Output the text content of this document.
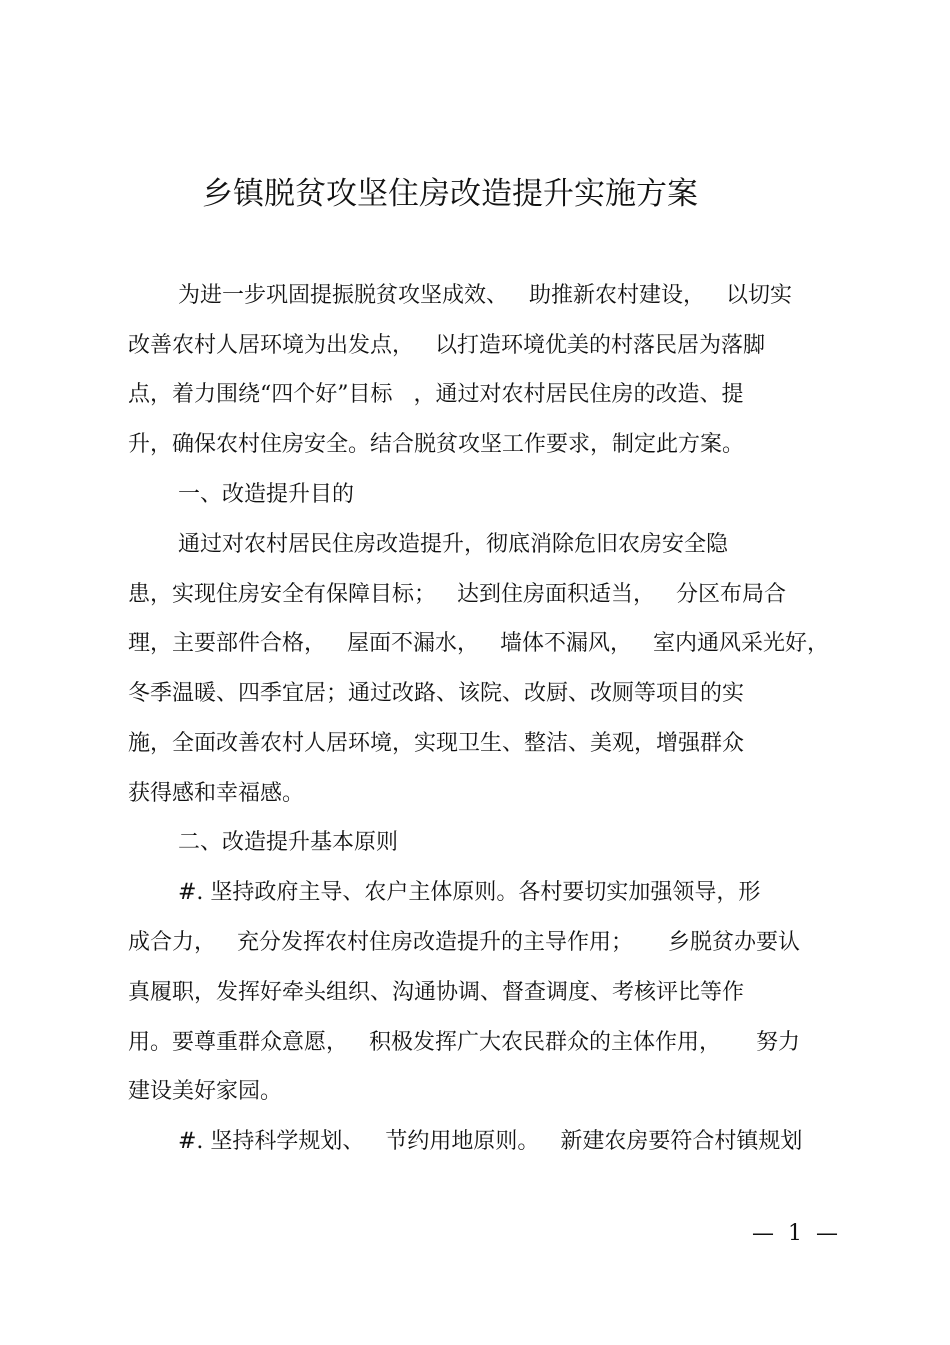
乡镇脱贫攻坚住房改造提升实施方案
为进一步巩固提振脱贫攻坚成效、   助推新农村建设，   以切实
改善农村人居环境为出发点，   以打造环境优美的村落民居为落脚
点，着力围绕“四个好”目标   ，通过对农村居民住房的改造、提
升，确保农村住房安全。结合脱贫攻坚工作要求，制定此方案。
一、改造提升目的
通过对农村居民住房改造提升，彻底消除危旧农房安全隐
患，实现住房安全有保障目标；   达到住房面积适当，   分区布局合
理，主要部件合格，   屋面不漏水，   墙体不漏风，   室内通风采光好，
冬季温暖、四季宜居；通过改路、该院、改厨、改厕等项目的实
施，全面改善农村人居环境，实现卫生、整洁、美观，增强群众
获得感和幸福感。
二、改造提升基本原则
#. 坚持政府主导、农户主体原则。各村要切实加强领导，形
成合力，   充分发挥农村住房改造提升的主导作用；     乡脱贫办要认
真履职，发挥好牵头组织、沟通协调、督查调度、考核评比等作
用。要尊重群众意愿，   积极发挥广大农民群众的主体作用，     努力
建设美好家园。
#. 坚持科学规划、   节约用地原则。   新建农房要符合村镇规划
—  1  —
